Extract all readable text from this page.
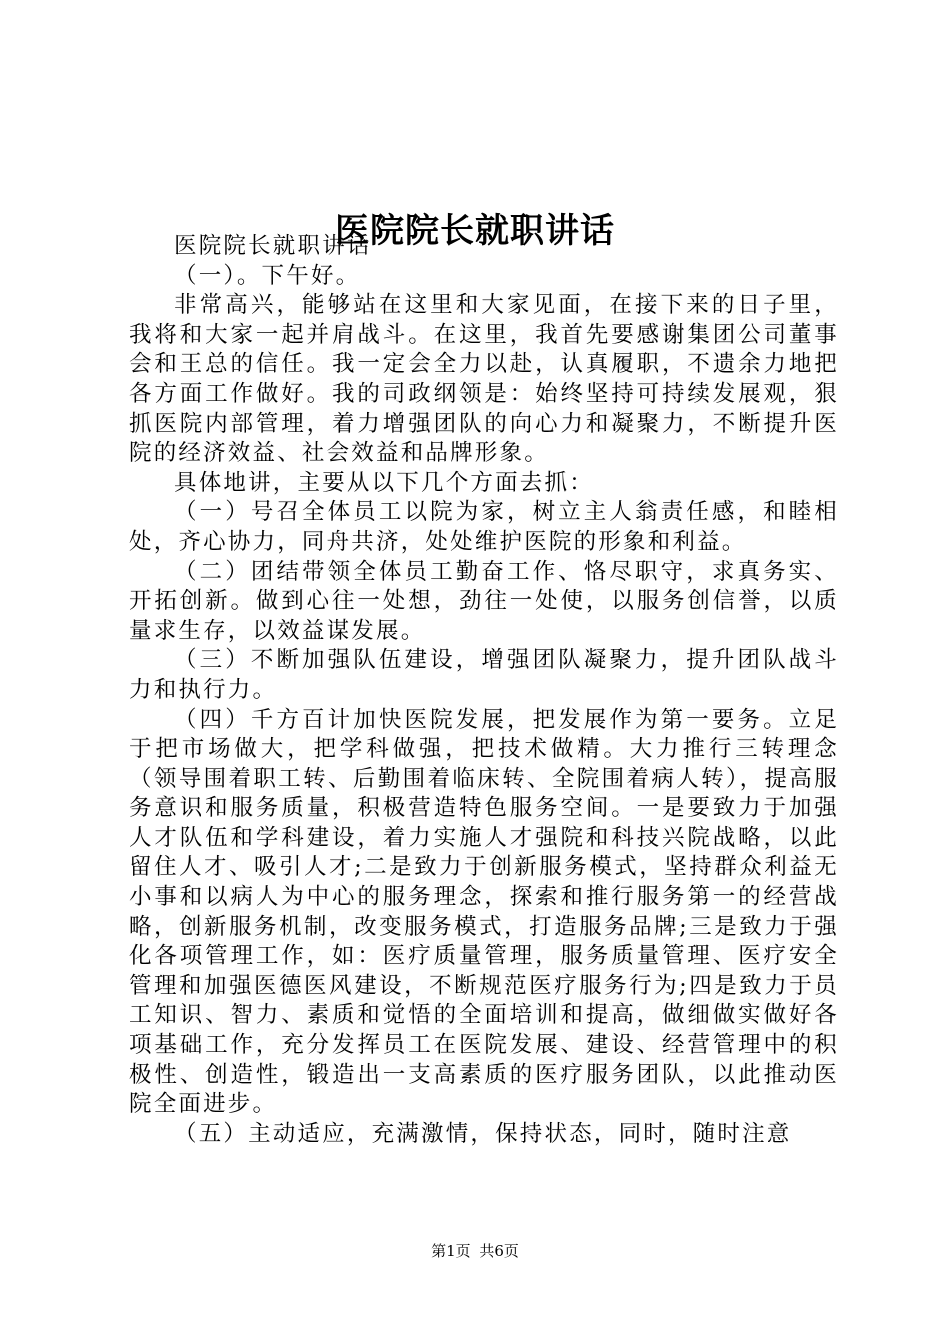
医院院长就职讲话

医院院长就职讲话

（一）。下午好。

非常高兴，能够站在这里和大家见面，在接下来的日子里，我将和大家一起并肩战斗。在这里，我首先要感谢集团公司董事会和王总的信任。我一定会全力以赴，认真履职，不遗余力地把各方面工作做好。我的司政纲领是：始终坚持可持续发展观，狠抓医院内部管理，着力增强团队的向心力和凝聚力，不断提升医院的经济效益、社会效益和品牌形象。

具体地讲，主要从以下几个方面去抓：

（一）号召全体员工以院为家，树立主人翁责任感，和睦相处，齐心协力，同舟共济，处处维护医院的形象和利益。

（二）团结带领全体员工勤奋工作、恪尽职守，求真务实、开拓创新。做到心往一处想，劲往一处使，以服务创信誉，以质量求生存，以效益谋发展。

（三）不断加强队伍建设，增强团队凝聚力，提升团队战斗力和执行力。

（四）千方百计加快医院发展，把发展作为第一要务。立足于把市场做大，把学科做强，把技术做精。大力推行三转理念（领导围着职工转、后勤围着临床转、全院围着病人转），提高服务意识和服务质量，积极营造特色服务空间。一是要致力于加强人才队伍和学科建设，着力实施人才强院和科技兴院战略，以此留住人才、吸引人才;二是致力于创新服务模式，坚持群众利益无小事和以病人为中心的服务理念，探索和推行服务第一的经营战略，创新服务机制，改变服务模式，打造服务品牌;三是致力于强化各项管理工作，如：医疗质量管理，服务质量管理、医疗安全管理和加强医德医风建设，不断规范医疗服务行为;四是致力于员工知识、智力、素质和觉悟的全面培训和提高，做细做实做好各项基础工作，充分发挥员工在医院发展、建设、经营管理中的积极性、创造性，锻造出一支高素质的医疗服务团队，以此推动医院全面进步。

（五）主动适应，充满激情，保持状态，同时，随时注意

第1页 共6页
